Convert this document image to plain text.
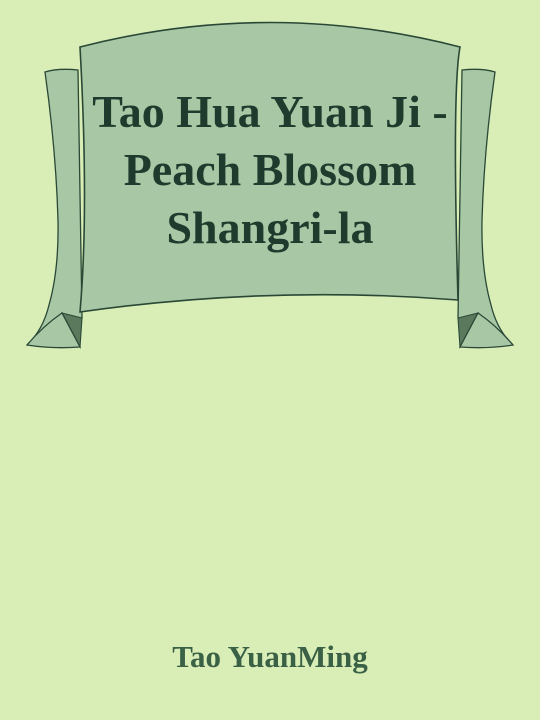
Tao Hua Yuan Ji - Peach Blossom Shangri-la
Tao YuanMing
